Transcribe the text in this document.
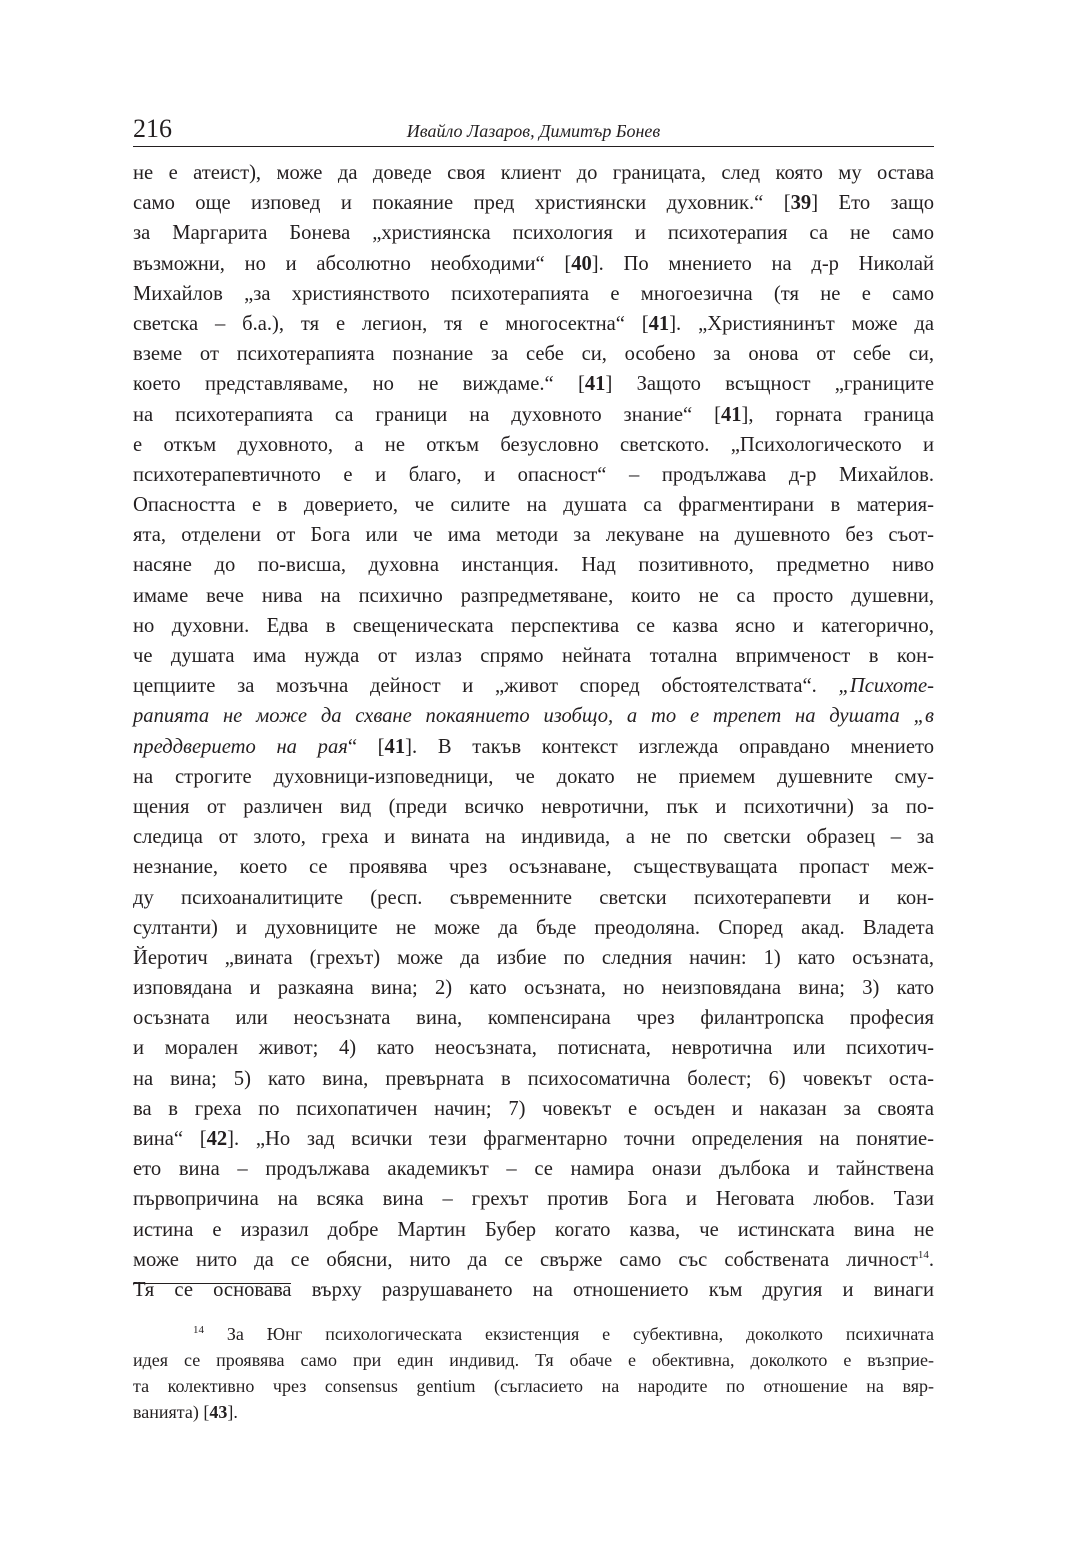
216	Ивайло Лазаров, Димитър Бонев
не е атеист), може да доведе своя клиент до границата, след която му остава
само още изповед и покаяние пред християнски духовник.“ [39] Ето защо
за Маргарита Бонева „християнска психология и психотерапия са не само
възможни, но и абсолютно необходими“ [40]. По мнението на д-р Николай
Михайлов „за християнството психотерапията е многоезична (тя не е само
светска – б.а.), тя е легион, тя е многосектна“ [41]. „Християнинът може да
вземе от психотерапията познание за себе си, особено за онова от себе си,
което представляваме, но не виждаме.“ [41] Защото всъщност „границите
на психотерапията са граници на духовното знание“ [41], горната граница
е откъм духовното, а не откъм безусловно светското. „Психологическото и
психотерапевтичното е и благо, и опасност“ – продължава д-р Михайлов.
Опасността е в доверието, че силите на душата са фрагментирани в материя-
ята, отделени от Бога или че има методи за лекуване на душевното без съот-
насяне до по-висша, духовна инстанция. Над позитивното, предметно ниво
имаме вече нива на психично разпредметяване, които не са просто душевни,
но духовни. Едва в свещеническата перспектива се казва ясно и категорично,
че душата има нужда от излаз спрямо нейната тотална впримченост в кон-
цепциите за мозъчна дейност и „живот според обстоятелствата“. „Психоте-
рапията не може да схване покаянието изобщо, а то е трепет на душата „в
преддверието на рая“ [41]. В такъв контекст изглежда оправдано мнението
на строгите духовници-изповедници, че докато не приемем душевните сму-
щения от различен вид (преди всичко невротични, пък и психотични) за по-
следица от злото, греха и вината на индивида, а не по светски образец – за
незнание, което се проявява чрез осъзнаване, съществуващата пропаст меж-
ду психоаналитиците (респ. съвременните светски психотерапевти и кон-
султанти) и духовниците не може да бъде преодоляна. Според акад. Владета
Йеротич „вината (грехът) може да избие по следния начин: 1) като осъзната,
изповядана и разкаяна вина; 2) като осъзната, но неизповядана вина; 3) като
осъзната или неосъзната вина, компенсирана чрез филантропска професия
и морален живот; 4) като неосъзната, потисната, невротична или психотич-
на вина; 5) като вина, превърната в психосоматична болест; 6) човекът оста-
ва в греха по психопатичен начин; 7) човекът е осъден и наказан за своята
вина“ [42]. „Но зад всички тези фрагментарно точни определения на понятие-
ето вина – продължава академикът – се намира онази дълбока и тайнствена
първопричина на всяка вина – грехът против Бога и Неговата любов. Тази
истина е изразил добре Мартин Бубер когато казва, че истинската вина не
може нито да се обясни, нито да се свърже само със собствената личност$^{14}$.
Тя се основава върху разрушаването на отношението към другия и винаги
$^{14}$ За Юнг психологическата екзистенция е субективна, доколкото психичната
идея се проявява само при един индивид. Тя обаче е обективна, доколкото е възприе-
та колективно чрез consensus gentium (съгласието на народите по отношение на вяр-
ванията) [43].
